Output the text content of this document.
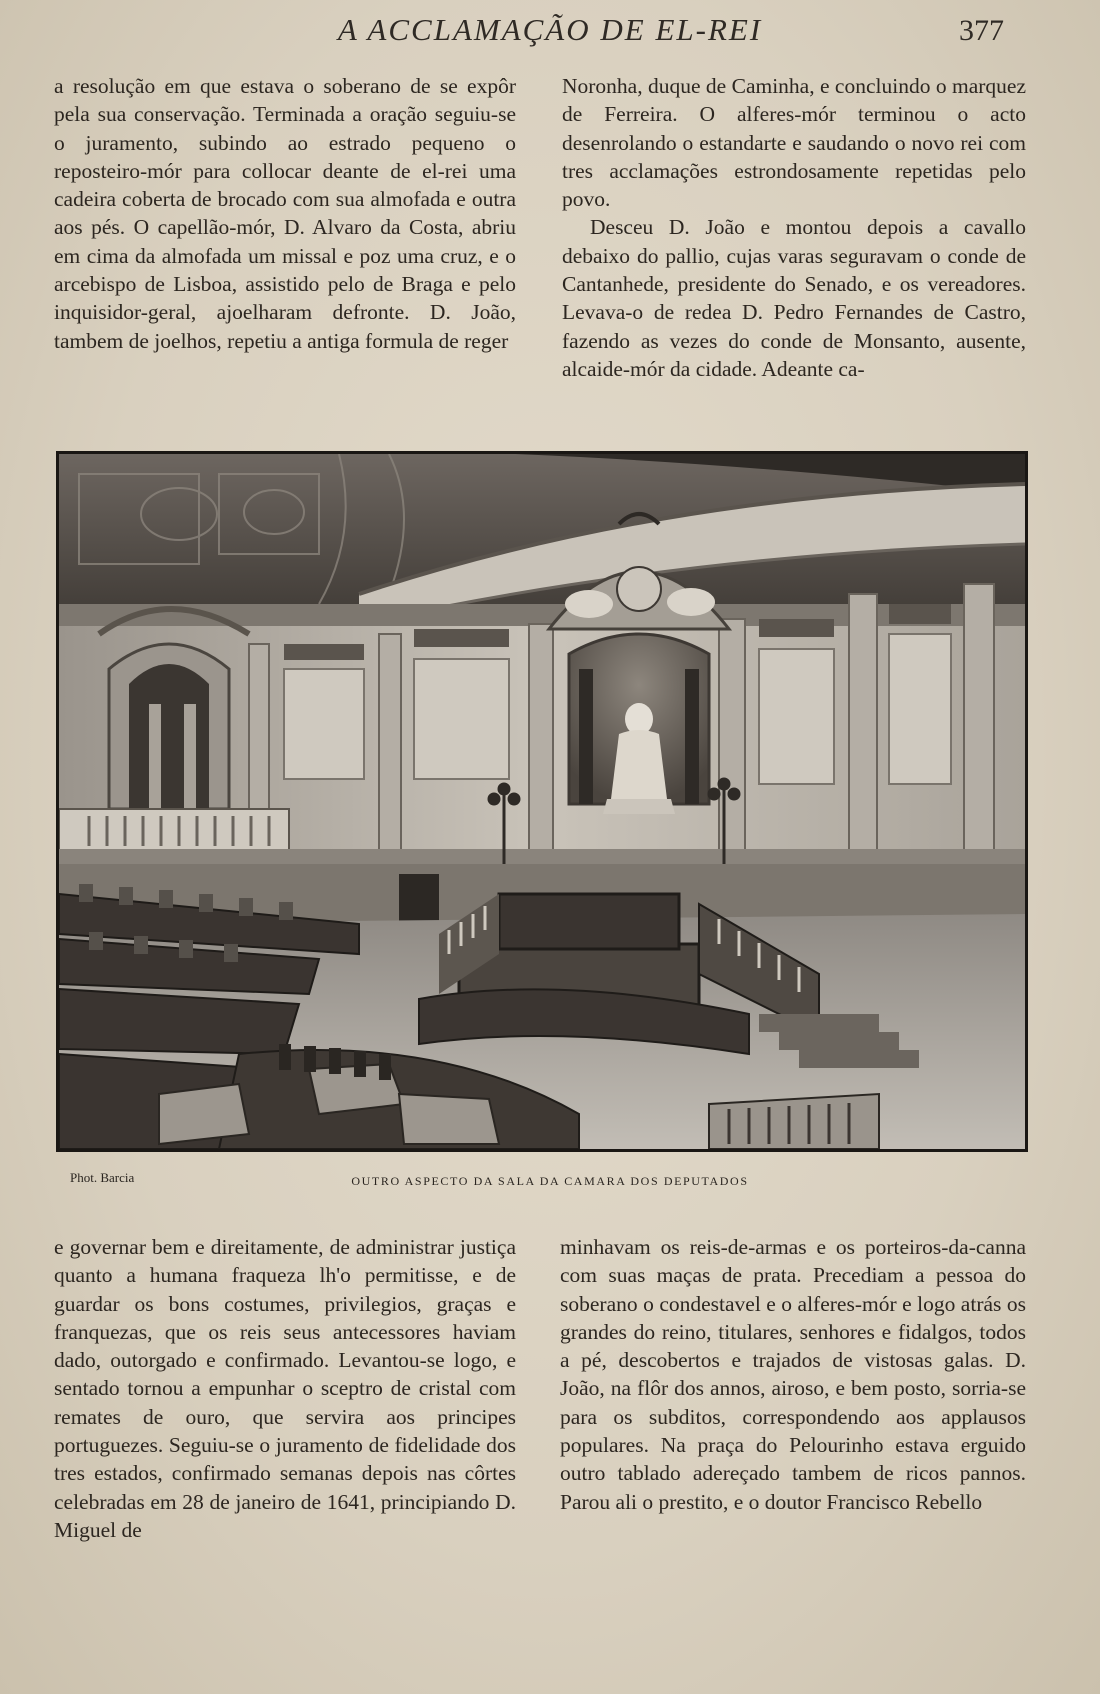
A ACCLAMAÇÃO DE EL-REI	377

a resolução em que estava o soberano de se expôr pela sua conservação. Terminada a oração seguiu-se o juramento, subindo ao estrado pequeno o reposteiro-mór para collocar deante de el-rei uma cadeira coberta de brocado com sua almofada e outra aos pés. O capellão-mór, D. Alvaro da Costa, abriu em cima da almofada um missal e poz uma cruz, e o arcebispo de Lisboa, assistido pelo de Braga e pelo inquisidor-geral, ajoelharam defronte. D. João, tambem de joelhos, repetiu a antiga formula de reger

Noronha, duque de Caminha, e concluindo o marquez de Ferreira. O alferes-mór terminou o acto desenrolando o estandarte e saudando o novo rei com tres acclamações estrondosamente repetidas pelo povo.

Desceu D. João e montou depois a cavallo debaixo do pallio, cujas varas seguravam o conde de Cantanhede, presidente do Senado, e os vereadores. Levava-o de redea D. Pedro Fernandes de Castro, fazendo as vezes do conde de Monsanto, ausente, alcaide-mór da cidade. Adeante ca-

Phot. Barcia	OUTRO ASPECTO DA SALA DA CAMARA DOS DEPUTADOS

e governar bem e direitamente, de administrar justiça quanto a humana fraqueza lh'o permitisse, e de guardar os bons costumes, privilegios, graças e franquezas, que os reis seus antecessores haviam dado, outorgado e confirmado. Levantou-se logo, e sentado tornou a empunhar o sceptro de cristal com remates de ouro, que servira aos principes portuguezes. Seguiu-se o juramento de fidelidade dos tres estados, confirmado semanas depois nas côrtes celebradas em 28 de janeiro de 1641, principiando D. Miguel de

minhavam os reis-de-armas e os porteiros-da-canna com suas maças de prata. Precediam a pessoa do soberano o condestavel e o alferes-mór e logo atrás os grandes do reino, titulares, senhores e fidalgos, todos a pé, descobertos e trajados de vistosas galas. D. João, na flôr dos annos, airoso, e bem posto, sorria-se para os subditos, correspondendo aos applausos populares. Na praça do Pelourinho estava erguido outro tablado adereçado tambem de ricos pannos. Parou ali o prestito, e o doutor Francisco Rebello
